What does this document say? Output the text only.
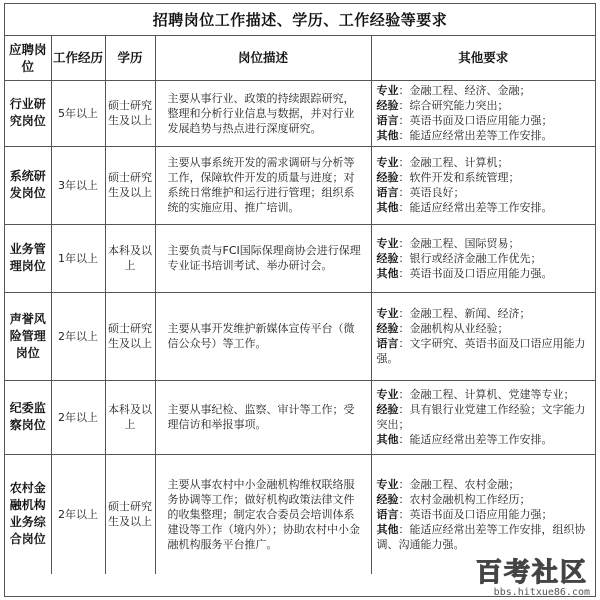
招聘岗位工作描述、学历、工作经验等要求
应聘岗位	工作经历	学历	岗位描述	其他要求
行业研究岗位	5年以上	硕士研究生及以上	主要从事行业、政策的持续跟踪研究，整理和分析行业信息与数据，并对行业发展趋势与热点进行深度研究。	专业：金融工程、经济、金融；
经验：综合研究能力突出；
语言：英语书面及口语应用能力强；
其他：能适应经常出差等工作安排。

系统研发岗位	3年以上	硕士研究生及以上	主要从事系统开发的需求调研与分析等工作，保障软件开发的质量与进度；对系统日常维护和运行进行管理；组织系统的实施应用、推广培训。	专业：金融工程、计算机；
经验：软件开发和系统管理；
语言：英语良好；
其他：能适应经常出差等工作安排。

业务管理岗位	1年以上	本科及以上	主要负责与FCI国际保理商协会进行保理专业证书培训考试、举办研讨会。	专业：金融工程、国际贸易；
经验：银行或经济金融工作优先；
其他：英语书面及口语应用能力强。

声誉风险管理岗位	2年以上	硕士研究生及以上	主要从事开发维护新媒体宣传平台（微信公众号）等工作。	专业：金融工程、新闻、经济；
经验：金融机构从业经验；
语言：文字研究、英语书面及口语应用能力强。

纪委监察岗位	2年以上	本科及以上	主要从事纪检、监察、审计等工作；受理信访和举报事项。	专业：金融工程、计算机、党建等专业；
经验：具有银行业党建工作经验；文字能力突出；
其他：能适应经常出差等工作安排。

农村金融机构业务综合岗位	2年以上	硕士研究生及以上	主要从事农村中小金融机构维权联络服务协调等工作；做好机构政策法律文件的收集整理；制定农合委员会培训体系建设等工作（境内外）；协助农村中小金融机构服务平台推广。	专业：金融工程、农村金融；
经验：农村金融机构工作经历；
语言：英语书面及口语应用能力强；
其他：能适应经常出差等工作安排，组织协调、沟通能力强。
百考社区
bbs.hitxue86.com
